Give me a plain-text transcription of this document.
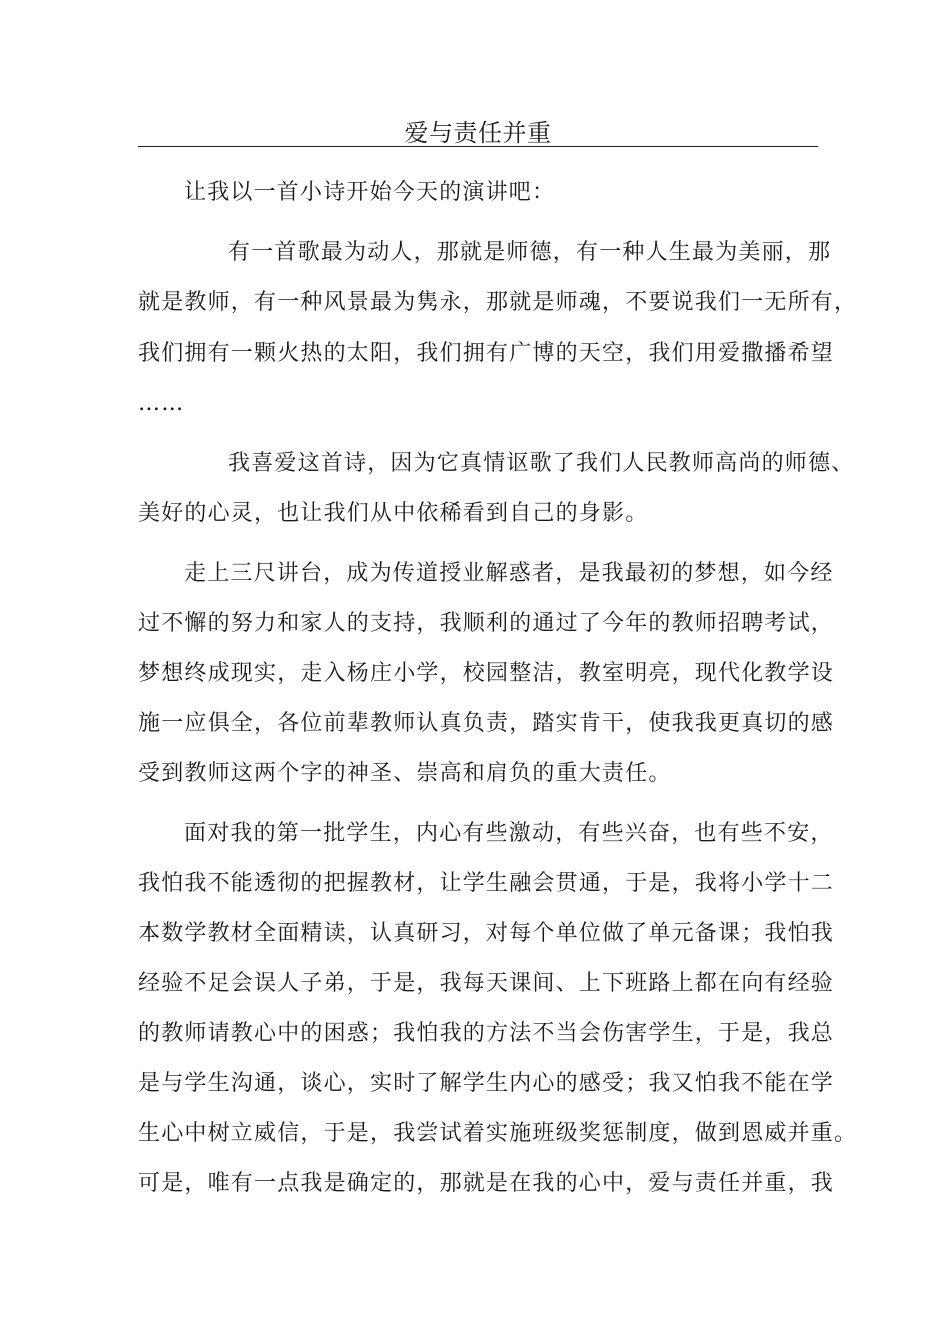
爱与责任并重
让我以一首小诗开始今天的演讲吧：
有一首歌最为动人，那就是师德，有一种人生最为美丽，那
就是教师，有一种风景最为隽永，那就是师魂，不要说我们一无所有，
我们拥有一颗火热的太阳，我们拥有广博的天空，我们用爱撒播希望
……
我喜爱这首诗，因为它真情讴歌了我们人民教师高尚的师德、
美好的心灵，也让我们从中依稀看到自己的身影。
走上三尺讲台，成为传道授业解惑者，是我最初的梦想，如今经
过不懈的努力和家人的支持，我顺利的通过了今年的教师招聘考试，
梦想终成现实，走入杨庄小学，校园整洁，教室明亮，现代化教学设
施一应俱全，各位前辈教师认真负责，踏实肯干，使我我更真切的感
受到教师这两个字的神圣、崇高和肩负的重大责任。
面对我的第一批学生，内心有些激动，有些兴奋，也有些不安，
我怕我不能透彻的把握教材，让学生融会贯通，于是，我将小学十二
本数学教材全面精读，认真研习，对每个单位做了单元备课；我怕我
经验不足会误人子弟，于是，我每天课间、上下班路上都在向有经验
的教师请教心中的困惑；我怕我的方法不当会伤害学生，于是，我总
是与学生沟通，谈心，实时了解学生内心的感受；我又怕我不能在学
生心中树立威信，于是，我尝试着实施班级奖惩制度，做到恩威并重。
可是，唯有一点我是确定的，那就是在我的心中，爱与责任并重，我
